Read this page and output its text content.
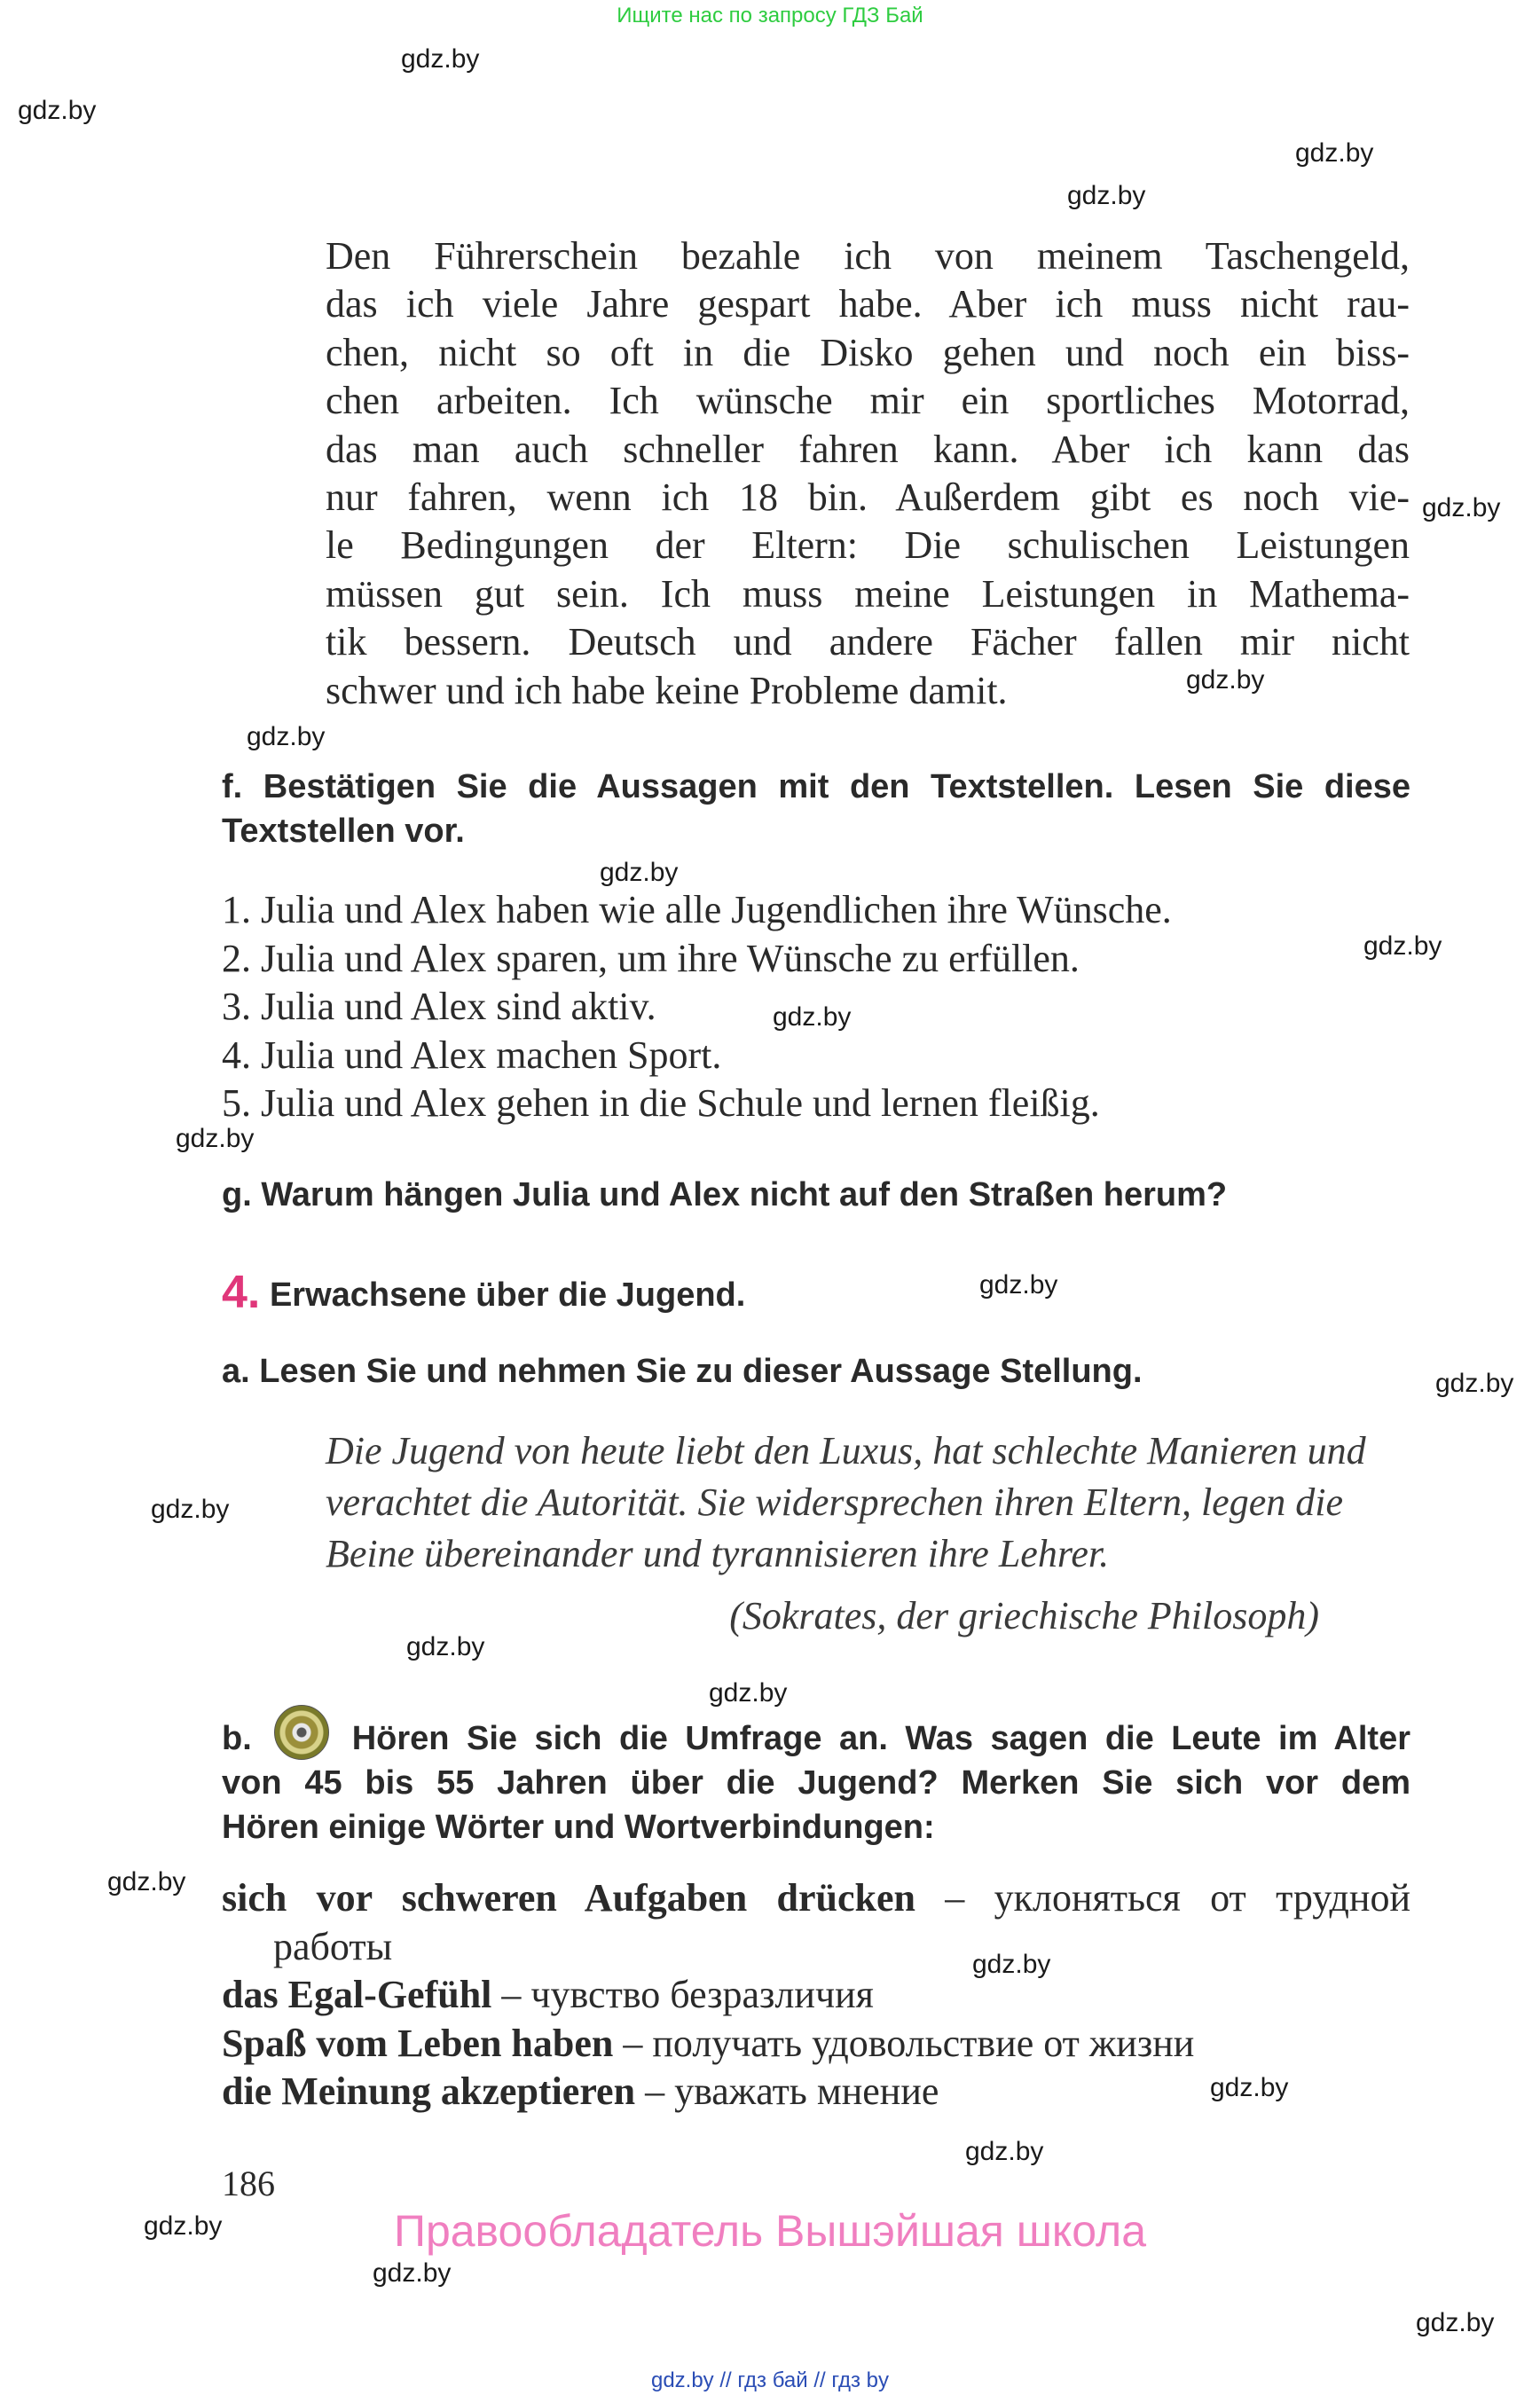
Ищите нас по запросу ГДЗ Бай
gdz.by
gdz.by
gdz.by
gdz.by
gdz.by
gdz.by
gdz.by
gdz.by
gdz.by
gdz.by
gdz.by
gdz.by
gdz.by
gdz.by
gdz.by
gdz.by
gdz.by
gdz.by
gdz.by
gdz.by
gdz.by
gdz.by
gdz.by
Den Führerschein bezahle ich von meinem Taschengeld,
das ich viele Jahre gespart habe. Aber ich muss nicht rau-
chen, nicht so oft in die Disko gehen und noch ein biss-
chen arbeiten. Ich wünsche mir ein sportliches Motorrad,
das man auch schneller fahren kann. Aber ich kann das
nur fahren, wenn ich 18 bin. Außerdem gibt es noch vie-
le Bedingungen der Eltern: Die schulischen Leistungen
müssen gut sein. Ich muss meine Leistungen in Mathema-
tik bessern. Deutsch und andere Fächer fallen mir nicht
schwer und ich habe keine Probleme damit.
f. Bestätigen Sie die Aussagen mit den Textstellen. Lesen Sie diese
Textstellen vor.
1. Julia und Alex haben wie alle Jugendlichen ihre Wünsche.
2. Julia und Alex sparen, um ihre Wünsche zu erfüllen.
3. Julia und Alex sind aktiv.
4. Julia und Alex machen Sport.
5. Julia und Alex gehen in die Schule und lernen fleißig.
g. Warum hängen Julia und Alex nicht auf den Straßen herum?
4. Erwachsene über die Jugend.
a. Lesen Sie und nehmen Sie zu dieser Aussage Stellung.
Die Jugend von heute liebt den Luxus, hat schlechte Manieren und
verachtet die Autorität. Sie widersprechen ihren Eltern, legen die
Beine übereinander und tyrannisieren ihre Lehrer.
(Sokrates, der griechische Philosoph)
b.	Hören Sie sich die Umfrage an. Was sagen die Leute im Alter
von 45 bis 55 Jahren über die Jugend? Merken Sie sich vor dem
Hören einige Wörter und Wortverbindungen:
sich vor schweren Aufgaben drücken – уклоняться от трудной
работы
das Egal-Gefühl – чувство безразличия
Spaß vom Leben haben – получать удовольствие от жизни
die Meinung akzeptieren – уважать мнение
186
Правообладатель Вышэйшая школа
gdz.by // гдз бай // гдз by
